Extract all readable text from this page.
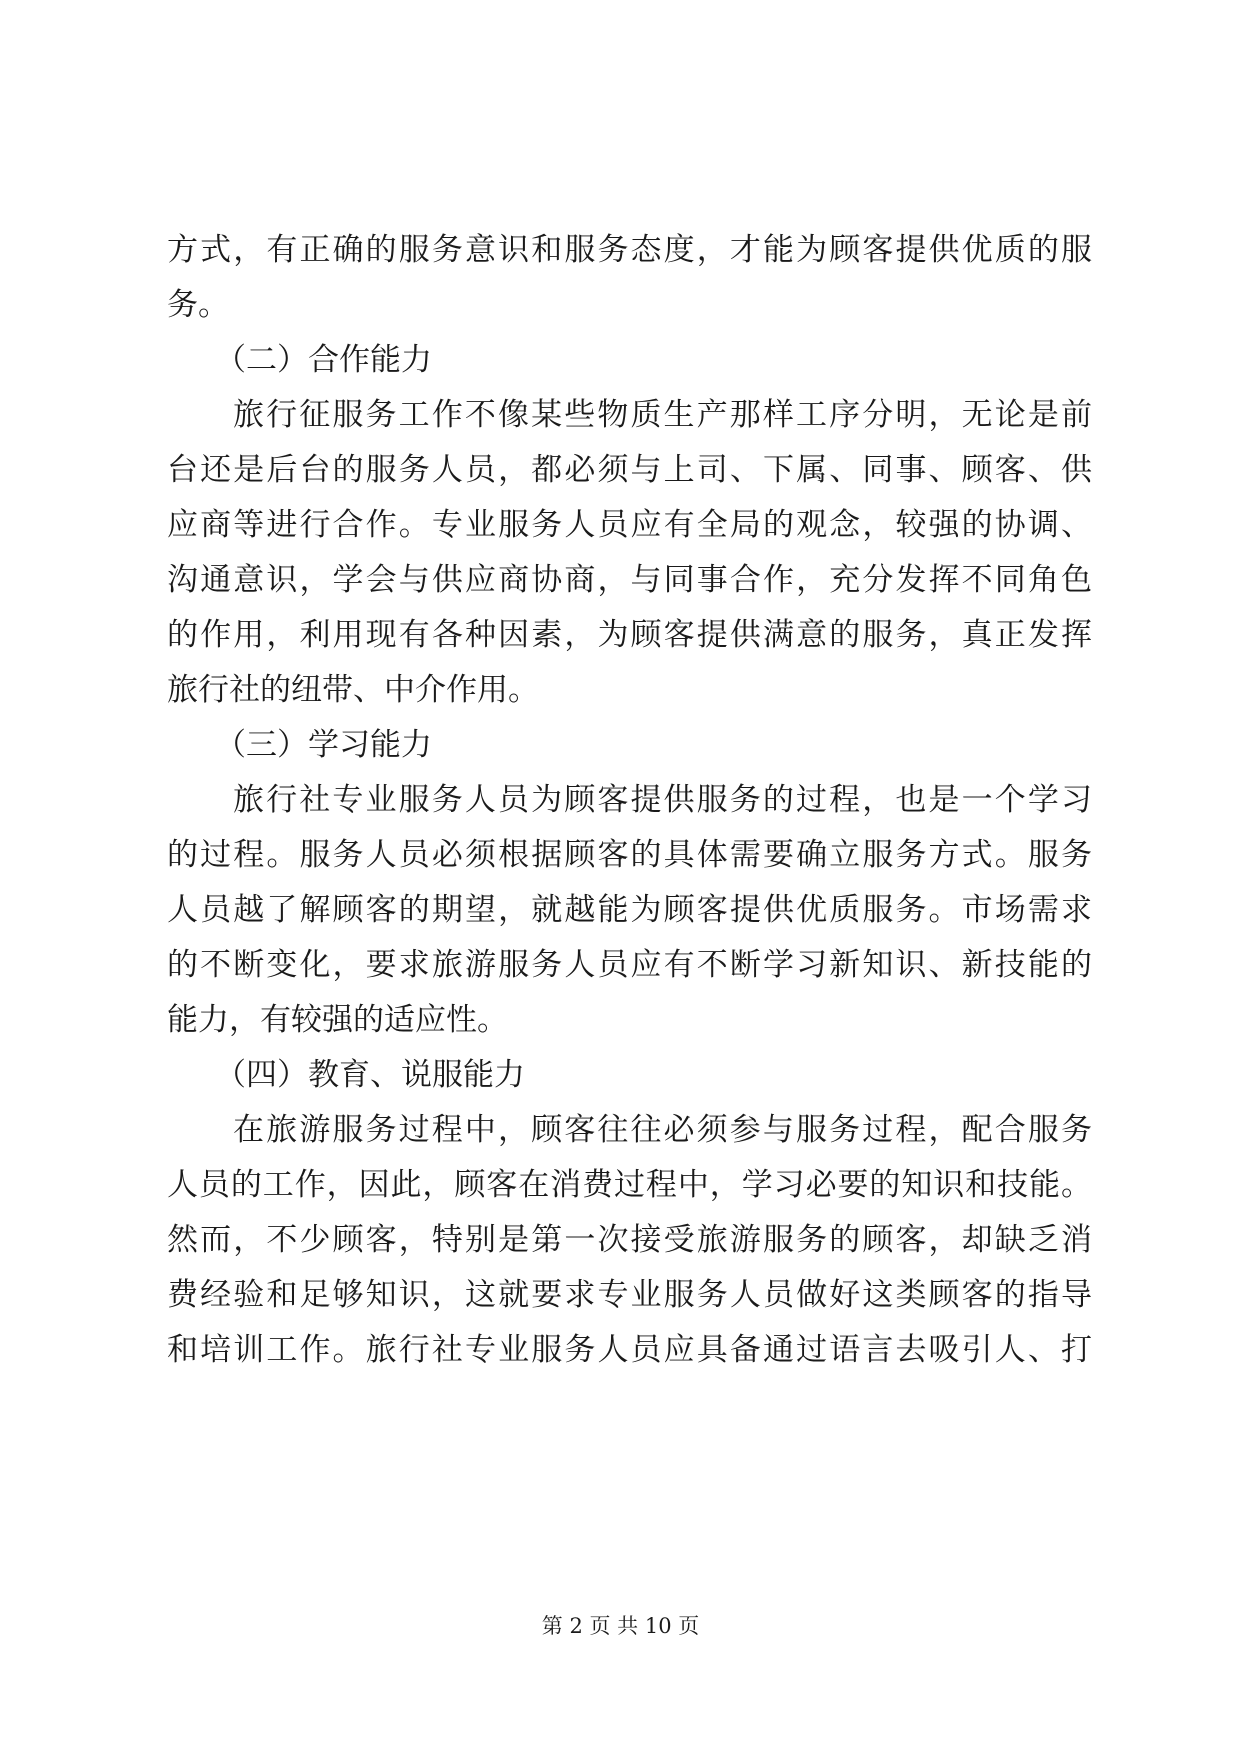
方式，有正确的服务意识和服务态度，才能为顾客提供优质的服
务。
（二）合作能力
旅行征服务工作不像某些物质生产那样工序分明，无论是前
台还是后台的服务人员，都必须与上司、下属、同事、顾客、供
应商等进行合作。专业服务人员应有全局的观念，较强的协调、
沟通意识，学会与供应商协商，与同事合作，充分发挥不同角色
的作用，利用现有各种因素，为顾客提供满意的服务，真正发挥
旅行社的纽带、中介作用。
（三）学习能力
旅行社专业服务人员为顾客提供服务的过程，也是一个学习
的过程。服务人员必须根据顾客的具体需要确立服务方式。服务
人员越了解顾客的期望，就越能为顾客提供优质服务。市场需求
的不断变化，要求旅游服务人员应有不断学习新知识、新技能的
能力，有较强的适应性。
（四）教育、说服能力
在旅游服务过程中，顾客往往必须参与服务过程，配合服务
人员的工作，因此，顾客在消费过程中，学习必要的知识和技能。
然而，不少顾客，特别是第一次接受旅游服务的顾客，却缺乏消
费经验和足够知识，这就要求专业服务人员做好这类顾客的指导
和培训工作。旅行社专业服务人员应具备通过语言去吸引人、打
第 2 页 共 10 页
